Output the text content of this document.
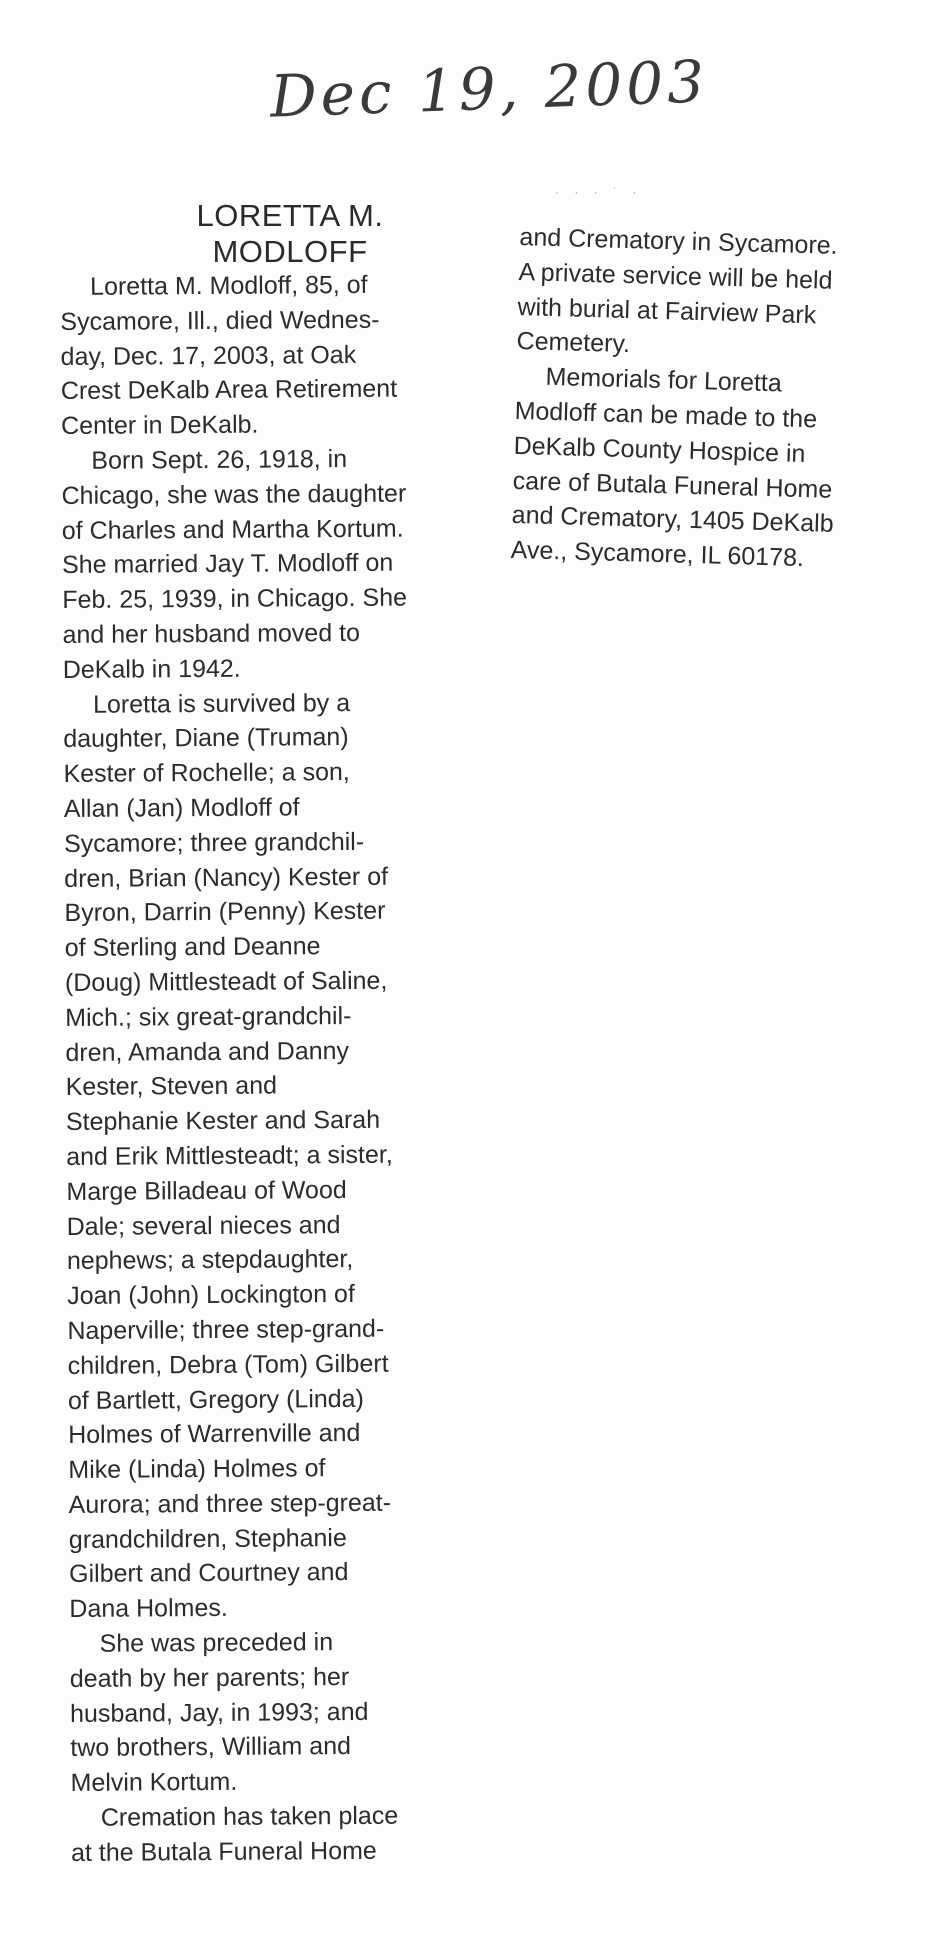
Dec 19, 2003
LORETTA M.
MODLOFF
Loretta M. Modloff, 85, of
Sycamore, Ill., died Wednes-
day, Dec. 17, 2003, at Oak
Crest DeKalb Area Retirement
Center in DeKalb.
Born Sept. 26, 1918, in
Chicago, she was the daughter
of Charles and Martha Kortum.
She married Jay T. Modloff on
Feb. 25, 1939, in Chicago. She
and her husband moved to
DeKalb in 1942.
Loretta is survived by a
daughter, Diane (Truman)
Kester of Rochelle; a son,
Allan (Jan) Modloff of
Sycamore; three grandchil-
dren, Brian (Nancy) Kester of
Byron, Darrin (Penny) Kester
of Sterling and Deanne
(Doug) Mittlesteadt of Saline,
Mich.; six great-grandchil-
dren, Amanda and Danny
Kester, Steven and
Stephanie Kester and Sarah
and Erik Mittlesteadt; a sister,
Marge Billadeau of Wood
Dale; several nieces and
nephews; a stepdaughter,
Joan (John) Lockington of
Naperville; three step-grand-
children, Debra (Tom) Gilbert
of Bartlett, Gregory (Linda)
Holmes of Warrenville and
Mike (Linda) Holmes of
Aurora; and three step-great-
grandchildren, Stephanie
Gilbert and Courtney and
Dana Holmes.
She was preceded in
death by her parents; her
husband, Jay, in 1993; and
two brothers, William and
Melvin Kortum.
Cremation has taken place
at the Butala Funeral Home
and Crematory in Sycamore.
A private service will be held
with burial at Fairview Park
Cemetery.
Memorials for Loretta
Modloff can be made to the
DeKalb County Hospice in
care of Butala Funeral Home
and Crematory, 1405 DeKalb
Ave., Sycamore, IL 60178.
· · · ˙ ·
